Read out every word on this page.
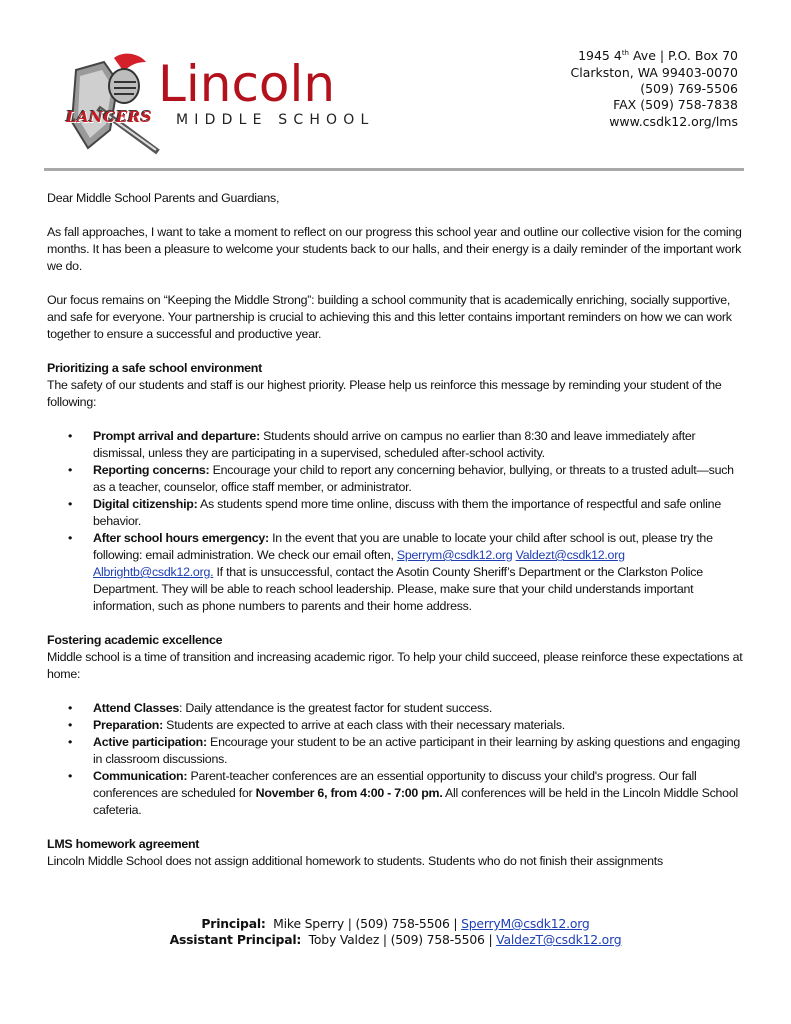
Lincoln
MIDDLE SCHOOL
LANCERS
1945 4th Ave | P.O. Box 70
Clarkston, WA 99403-0070
(509) 769-5506
FAX (509) 758-7838
www.csdk12.org/lms

Dear Middle School Parents and Guardians,

As fall approaches, I want to take a moment to reflect on our progress this school year and outline our collective vision for the coming months. It has been a pleasure to welcome your students back to our halls, and their energy is a daily reminder of the important work we do.

Our focus remains on “Keeping the Middle Strong”: building a school community that is academically enriching, socially supportive, and safe for everyone. Your partnership is crucial to achieving this and this letter contains important reminders on how we can work together to ensure a successful and productive year.

Prioritizing a safe school environment

The safety of our students and staff is our highest priority. Please help us reinforce this message by reminding your student of the following:

• Prompt arrival and departure: Students should arrive on campus no earlier than 8:30 and leave immediately after dismissal, unless they are participating in a supervised, scheduled after-school activity.
• Reporting concerns: Encourage your child to report any concerning behavior, bullying, or threats to a trusted adult—such as a teacher, counselor, office staff member, or administrator.
• Digital citizenship: As students spend more time online, discuss with them the importance of respectful and safe online behavior.
• After school hours emergency: In the event that you are unable to locate your child after school is out, please try the following: email administration. We check our email often, Sperrym@csdk12.org Valdezt@csdk12.org Albrightb@csdk12.org. If that is unsuccessful, contact the Asotin County Sheriff’s Department or the Clarkston Police Department. They will be able to reach school leadership. Please, make sure that your child understands important information, such as phone numbers to parents and their home address.

Fostering academic excellence

Middle school is a time of transition and increasing academic rigor. To help your child succeed, please reinforce these expectations at home:

• Attend Classes: Daily attendance is the greatest factor for student success.
• Preparation: Students are expected to arrive at each class with their necessary materials.
• Active participation: Encourage your student to be an active participant in their learning by asking questions and engaging in classroom discussions.
• Communication: Parent-teacher conferences are an essential opportunity to discuss your child's progress. Our fall conferences are scheduled for November 6, from 4:00 - 7:00 pm. All conferences will be held in the Lincoln Middle School cafeteria.

LMS homework agreement

Lincoln Middle School does not assign additional homework to students. Students who do not finish their assignments

Principal:  Mike Sperry | (509) 758-5506 | SperryM@csdk12.org
Assistant Principal:  Toby Valdez | (509) 758-5506 | ValdezT@csdk12.org
